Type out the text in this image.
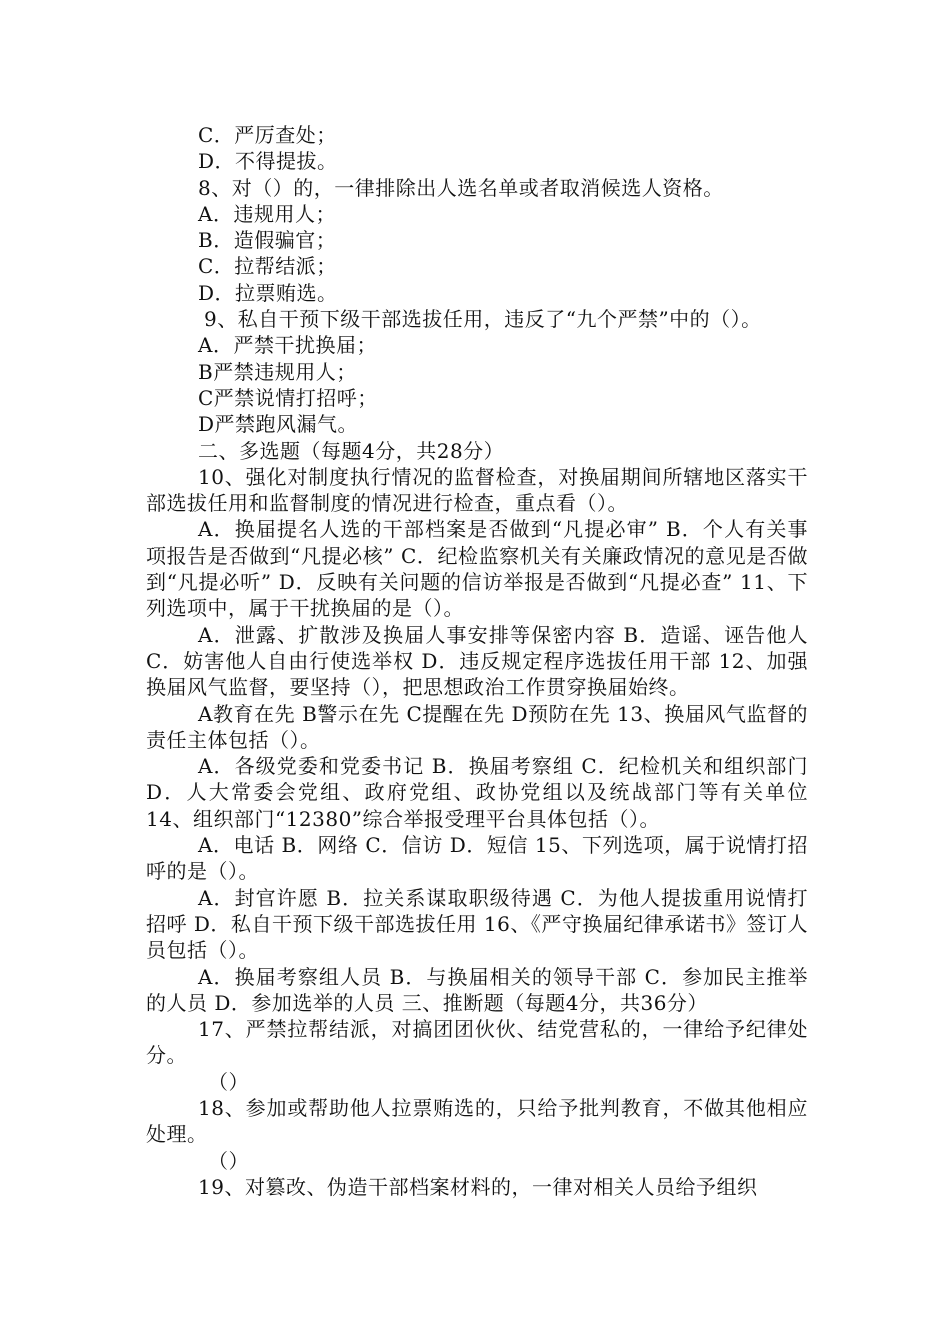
C．严厉查处；

D．不得提拔。

8、对（）的，一律排除出人选名单或者取消候选人资格。

A．违规用人；

B．造假骗官；

C．拉帮结派；

D．拉票贿选。

9、私自干预下级干部选拔任用，违反了“九个严禁”中的（）。

A．严禁干扰换届；

B严禁违规用人；

C严禁说情打招呼；

D严禁跑风漏气。

二、多选题（每题4分，共28分）

10、强化对制度执行情况的监督检查，对换届期间所辖地区落实干部选拔任用和监督制度的情况进行检查，重点看（）。

A．换届提名人选的干部档案是否做到“凡提必审” B．个人有关事项报告是否做到“凡提必核” C．纪检监察机关有关廉政情况的意见是否做到“凡提必听” D．反映有关问题的信访举报是否做到“凡提必查” 11、下列选项中，属于干扰换届的是（）。

A．泄露、扩散涉及换届人事安排等保密内容 B．造谣、诬告他人 C．妨害他人自由行使选举权 D．违反规定程序选拔任用干部 12、加强换届风气监督，要坚持（），把思想政治工作贯穿换届始终。

A教育在先 B警示在先 C提醒在先 D预防在先 13、换届风气监督的责任主体包括（）。

A．各级党委和党委书记 B．换届考察组 C．纪检机关和组织部门 D．人大常委会党组、政府党组、政协党组以及统战部门等有关单位 14、组织部门“12380”综合举报受理平台具体包括（）。

A．电话 B．网络 C．信访 D．短信 15、下列选项，属于说情打招呼的是（）。

A．封官许愿 B．拉关系谋取职级待遇 C．为他人提拔重用说情打招呼 D．私自干预下级干部选拔任用 16、《严守换届纪律承诺书》签订人员包括（）。

A．换届考察组人员 B．与换届相关的领导干部 C．参加民主推举的人员 D．参加选举的人员 三、推断题（每题4分，共36分）

17、严禁拉帮结派，对搞团团伙伙、结党营私的，一律给予纪律处分。

（）

18、参加或帮助他人拉票贿选的，只给予批判教育，不做其他相应处理。

（）

19、对篡改、伪造干部档案材料的，一律对相关人员给予组织
